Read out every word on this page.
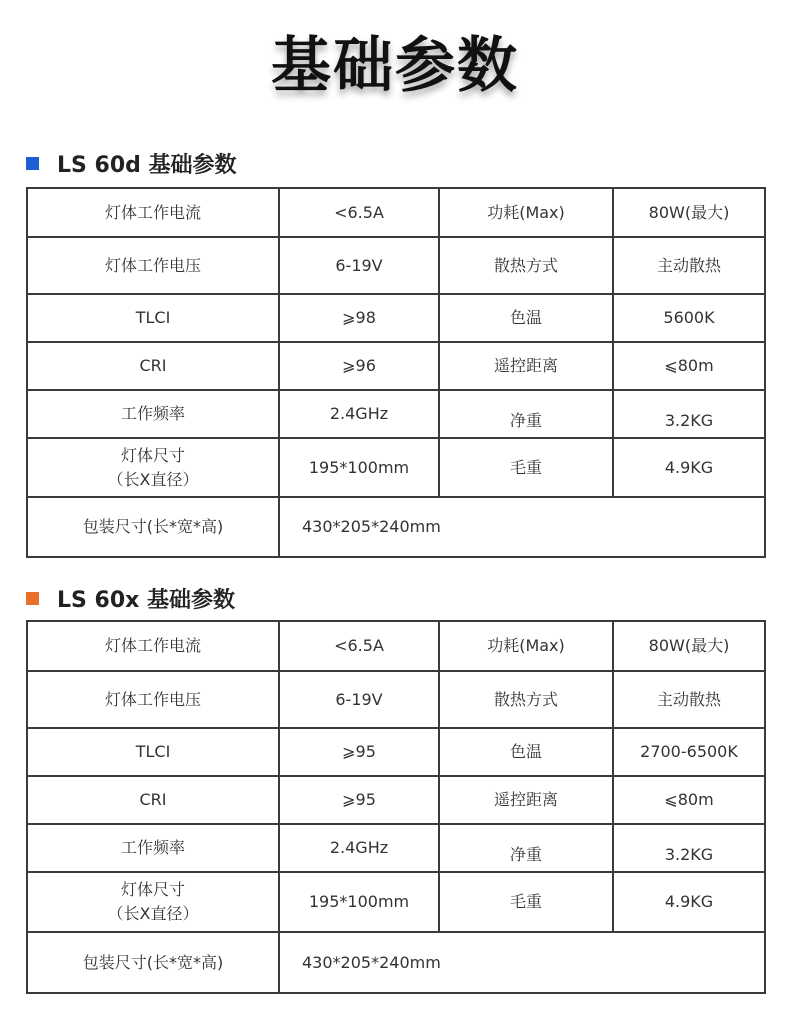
基础参数
LS 60d 基础参数
灯体工作电流	<6.5A	功耗(Max)	80W(最大)
灯体工作电压	6-19V	散热方式	主动散热
TLCI	⩾98	色温	5600K
CRI	⩾96	遥控距离	⩽80m
工作频率	2.4GHz	净重	3.2KG

灯体尺寸
（长X直径）	195*100mm	毛重	4.9KG
包装尺寸(长*宽*高)	430*205*240mm		
LS 60x 基础参数
灯体工作电流	<6.5A	功耗(Max)	80W(最大)
灯体工作电压	6-19V	散热方式	主动散热
TLCI	⩾95	色温	2700-6500K
CRI	⩾95	遥控距离	⩽80m
工作频率	2.4GHz	净重	3.2KG

灯体尺寸
（长X直径）	195*100mm	毛重	4.9KG
包装尺寸(长*宽*高)	430*205*240mm		
